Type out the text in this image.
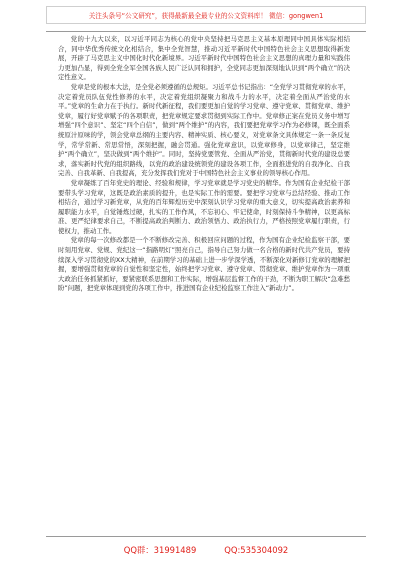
关注头条号“公文研究”，获得最新最全最专业的公文资料库！ 微信：gongwen1

党的十九大以来，以习近平同志为核心的党中央坚持把马克思主义基本原理同中国具体实际相结合，同中华优秀传统文化相结合，集中全党智慧，推动习近平新时代中国特色社会主义思想取得新发展，开辟了马克思主义中国化时代化新境界。习近平新时代中国特色社会主义思想的真理力量和实践伟力更加凸显，得到全党全军全国各族人民广泛认同和拥护，全党同志更加深刻地认识到“两个确立”的决定性意义。

党章是党的根本大法，是全党必须遵循的总规矩。习近平总书记指出：“全党学习贯彻党章的水平，决定着党员队伍党性修养的水平，决定着党组织凝聚力和战斗力的水平，决定着全面从严治党的水平。”党章的生命力在于执行。新时代新征程，我们要更加自觉的学习党章、遵守党章、贯彻党章、维护党章，履行好党章赋予的各项职责，把党章规定要求贯彻到实际工作中。党章修正案在党员义务中增写增强“四个意识”、坚定“四个自信”，做到“两个维护”的内容，我们要把党章学习作为必修课，既全面系统原汁原味的学，领会党章总纲的主要内容、精神实质、核心要义，对党章条文具体规定一条一条反复学，常学常新、常思常悟，深刻把握，融会贯通。强化党章意识，以党章修身，以党章律己，坚定维护“两个确立”，坚决做到“两个维护”。同时，坚持党要管党、全面从严治党，贯彻新时代党的建设总要求，落实新时代党的组织路线，以党的政治建设统领党的建设各项工作，全面推进党的自我净化、自我完善、自我革新、自我提高，充分发挥我们党对于中国特色社会主义事业的领导核心作用。

党章凝练了百年党史的理论、经验和规律，学习党章就是学习党史的精华。作为国有企业纪检干部要带头学习党章，这既是政治素质的提升，也是实际工作的需要。要把学习党章与总结经验、推动工作相结合，通过学习新党章，从党的百年辉煌历史中深刻认识学习党章的重大意义，切实提高政治素养和履职能力水平，自觉锤炼过硬，扎实的工作作风，不忘初心、牢记使命，时刻保持斗争精神，以更高标准、更严纪律要求自己，不断提高政治判断力、政治领悟力、政治执行力，严格按照党章履行职责，行使权力，推动工作。

党章的每一次修改都是一个不断修改完善、积极回应问题的过程，作为国有企业纪检监察干部，要时刻用党章、党规、党纪这一“指路明灯”照亮自己，指导自己努力做一名合格的新时代共产党员，要持续深入学习贯彻党的XX大精神，在前期学习的基础上进一步学深学透，不断深化对新修订党章的理解把握，要增强贯彻党章的自觉性和坚定性，始终把学习党章、遵守党章、贯彻党章、维护党章作为一项重大政治任务抓紧抓好，要紧密联系思想和工作实际，增强基层监督工作的干劲，不断为职工解决“急难愁盼”问题，把党章体现到党的各项工作中，推进国有企业纪检监察工作注入“新动力”。

QQ群：31991489	QQ:535304092
